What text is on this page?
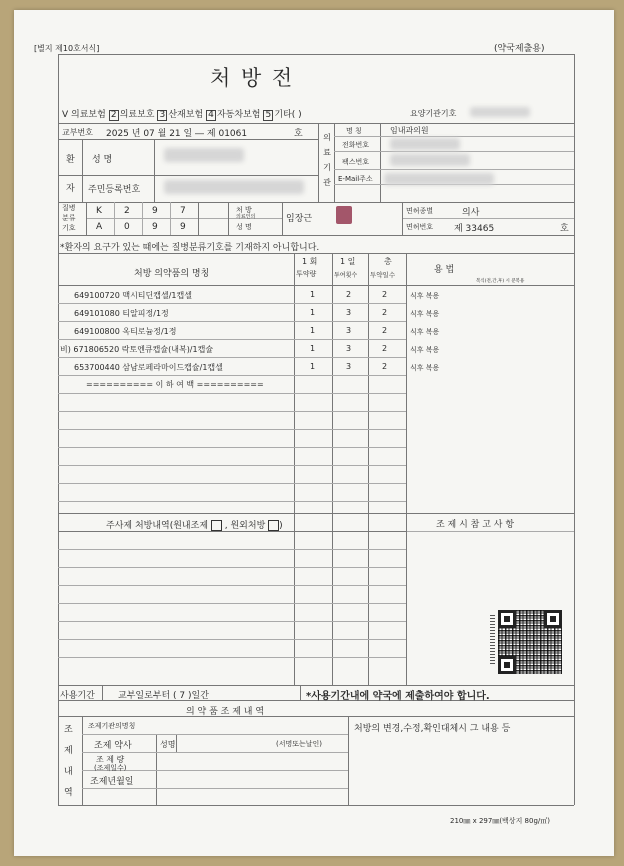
[별지 제10호서식]	(약국제출용)
처 방 전
V 의료보험 2 의료보호 3 산재보험 4 자동차보험 5 기타( )	요양기관기호
교부번호 2025 년 07 월 21 일 ― 제 01061	호
환
자
성 명
주민등록번호
의
료
기
관
명 칭	임내과의원
전화번호
팩스번호
E-Mail주소
질병
분류
기호
K 2 9 7
A 0 9 9
처 방
의료인의
성 명
임장근
면허종별	의사
면허번호 제 33465	호
*환자의 요구가 있는 때에는 질병분류기호를 기재하지 아니합니다.
처방 의약품의 명칭
1 회
투약량
1 일
투여횟수
총
투약일수	용 법
복식(전,간,후) 시 분복용
649100720 맥시티딘캡셀/1캡셀	1	2	2	식후 복용
649101080 티알피정/1정	1	3	2	식후 복용
649100800 옥티로늄정/1정	1	3	2	식후 복용
비) 671806520 락토엔큐캡슐(내복)/1캡슐	1	3	2	식후 복용
653700440 삼남로페라마이드캡슐/1캡셀	1	3	2	식후 복용
========== 이 하 여 백 ==========
조 제 시 참 고 사 항
주사제 처방내역(원내조제 , 원외처방 )
사용기간	교부일로부터 ( 7 )일간	*사용기간내에 약국에 제출하여야 합니다.
의 약 품 조 제 내 역
조
제
내
역
조제기관의명칭
조제 약사	성명	(서명또는날인)
조 제 량
(조제일수)
조제년월일
처방의 변경,수정,확인대체시 그 내용 등
210㎜ x 297㎜(백상지 80g/㎡)
